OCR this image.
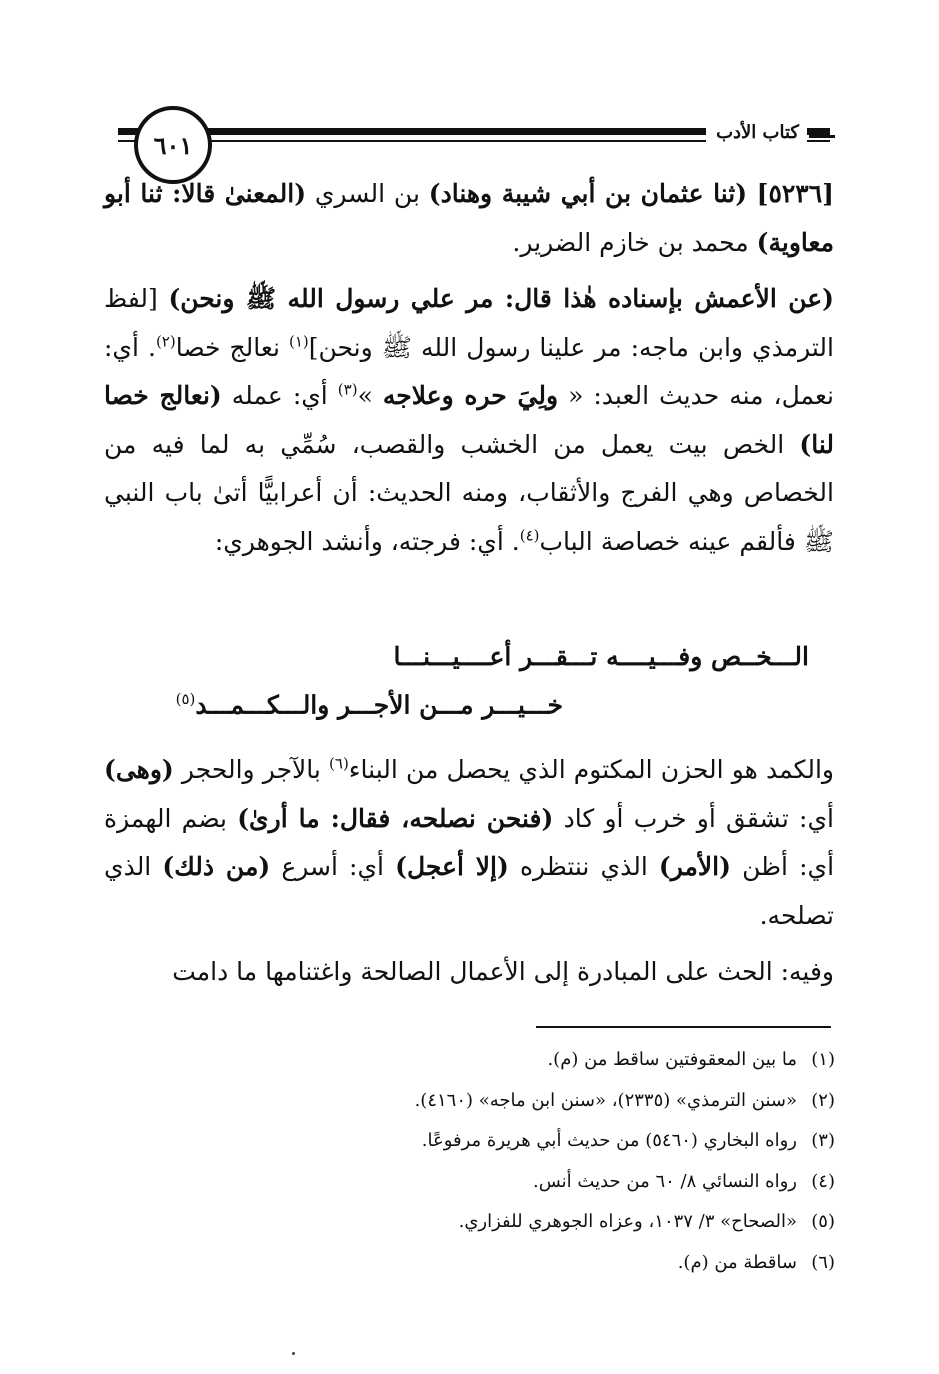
كتاب الأدب
٦٠١

[٥٢٣٦] (ثنا عثمان بن أبي شيبة وهناد) بن السري (المعنىٰ قالا: ثنا أبو معاوية) محمد بن خازم الضرير.

(عن الأعمش بإسناده هٰذا قال: مر علي رسول الله ﷺ ونحن) [لفظ الترمذي وابن ماجه: مر علينا رسول الله ﷺ ونحن]$^{(١)}$ نعالج خصا$^{(٢)}$. أي: نعمل، منه حديث العبد: « ولِيَ حره وعلاجه »$^{(٣)}$ أي: عمله (نعالج خصا لنا) الخص بيت يعمل من الخشب والقصب، سُمِّي به لما فيه من الخصاص وهي الفرج والأثقاب، ومنه الحديث: أن أعرابيًّا أتىٰ باب النبي ﷺ فألقم عينه خصاصة الباب$^{(٤)}$. أي: فرجته، وأنشد الجوهري:

الـــخــص وفـــيــــه تـــقـــر أعــــيـــنـــا
خـــيـــر مـــن الأجـــر والـــكـــمـــد$^{(٥)}$

والكمد هو الحزن المكتوم الذي يحصل من البناء$^{(٦)}$ بالآجر والحجر (وهى) أي: تشقق أو خرب أو كاد (فنحن نصلحه، فقال: ما أرىٰ) بضم الهمزة أي: أظن (الأمر) الذي ننتظره (إلا أعجل) أي: أسرع (من ذلك) الذي تصلحه.

وفيه: الحث على المبادرة إلى الأعمال الصالحة واغتنامها ما دامت

(١)ما بين المعقوفتين ساقط من (م).
(٢)«سنن الترمذي» (٢٣٣٥)، «سنن ابن ماجه» (٤١٦٠).
(٣)رواه البخاري (٥٤٦٠) من حديث أبي هريرة مرفوعًا.
(٤)رواه النسائي ٨/ ٦٠ من حديث أنس.
(٥)«الصحاح» ٣/ ١٠٣٧، وعزاه الجوهري للفزاري.
(٦)ساقطة من (م).
